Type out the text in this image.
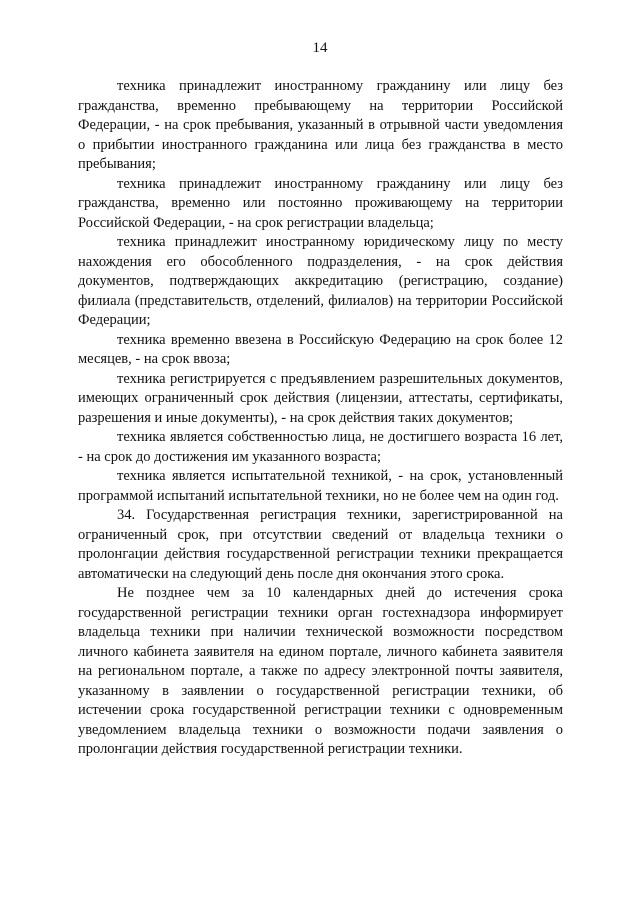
14

техника принадлежит иностранному гражданину или лицу без гражданства, временно пребывающему на территории Российской Федерации, - на срок пребывания, указанный в отрывной части уведомления о прибытии иностранного гражданина или лица без гражданства в место пребывания;

техника принадлежит иностранному гражданину или лицу без гражданства, временно или постоянно проживающему на территории Российской Федерации, - на срок регистрации владельца;

техника принадлежит иностранному юридическому лицу по месту нахождения его обособленного подразделения, - на срок действия документов, подтверждающих аккредитацию (регистрацию, создание) филиала (представительств, отделений, филиалов) на территории Российской Федерации;

техника временно ввезена в Российскую Федерацию на срок более 12 месяцев, - на срок ввоза;

техника регистрируется с предъявлением разрешительных документов, имеющих ограниченный срок действия (лицензии, аттестаты, сертификаты, разрешения и иные документы), - на срок действия таких документов;

техника является собственностью лица, не достигшего возраста 16 лет, - на срок до достижения им указанного возраста;

техника является испытательной техникой, - на срок, установленный программой испытаний испытательной техники, но не более чем на один год.

34. Государственная регистрация техники, зарегистрированной на ограниченный срок, при отсутствии сведений от владельца техники о пролонгации действия государственной регистрации техники прекращается автоматически на следующий день после дня окончания этого срока.

Не позднее чем за 10 календарных дней до истечения срока государственной регистрации техники орган гостехнадзора информирует владельца техники при наличии технической возможности посредством личного кабинета заявителя на едином портале, личного кабинета заявителя на региональном портале, а также по адресу электронной почты заявителя, указанному в заявлении о государственной регистрации техники, об истечении срока государственной регистрации техники с одновременным уведомлением владельца техники о возможности подачи заявления о пролонгации действия государственной регистрации техники.
